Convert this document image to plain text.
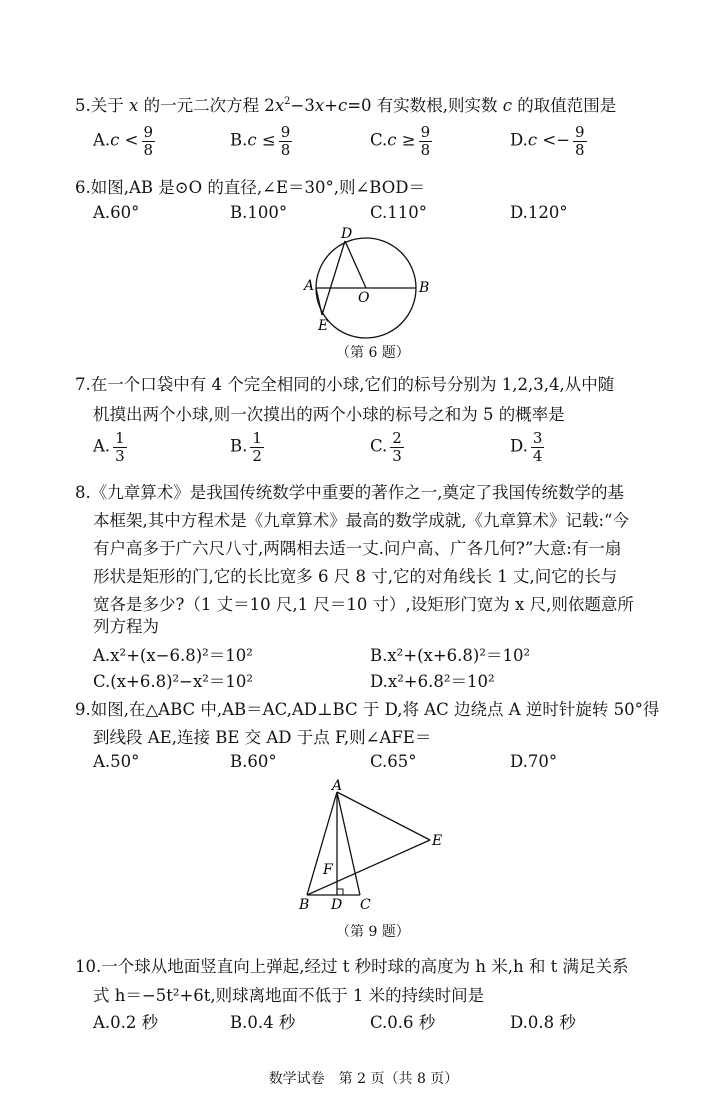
5.关于 x 的一元二次方程 $2x^2-3x+c=0$ 有实数根,则实数 c 的取值范围是
$A.c < \frac{9}{8}$	$B.c \le \frac{9}{8}$	$C.c \ge \frac{9}{8}$	$D.c <- \frac{9}{8}$
6.如图,AB 是⊙O 的直径,∠E＝30°,则∠BOD＝
A.60°	B.100°	C.110°	D.120°
D
A
O
B
E
（第 6 题）
7.在一个口袋中有 4 个完全相同的小球,它们的标号分别为 1,2,3,4,从中随
机摸出两个小球,则一次摸出的两个小球的标号之和为 5 的概率是
A. $\frac{1}{3}$	B. $\frac{1}{2}$	C. $\frac{2}{3}$	D. $\frac{3}{4}$
8.《九章算术》是我国传统数学中重要的著作之一,奠定了我国传统数学的基
本框架,其中方程术是《九章算术》最高的数学成就,《九章算术》记载:“今
有户高多于广六尺八寸,两隅相去适一丈.问户高、广各几何?”大意:有一扇
形状是矩形的门,它的长比宽多 6 尺 8 寸,它的对角线长 1 丈,问它的长与
宽各是多少?（1 丈＝10 尺,1 尺＝10 寸）,设矩形门宽为 x 尺,则依题意所
列方程为
A.x²+(x−6.8)²＝10²	B.x²+(x+6.8)²＝10²
C.(x+6.8)²−x²＝10²	D.x²+6.8²＝10²
9.如图,在△ABC 中,AB＝AC,AD⊥BC 于 D,将 AC 边绕点 A 逆时针旋转 50°得
到线段 AE,连接 BE 交 AD 于点 F,则∠AFE＝
A.50°	B.60°	C.65°	D.70°
A
E
F
B D C
（第 9 题）
10.一个球从地面竖直向上弹起,经过 t 秒时球的高度为 h 米,h 和 t 满足关系
式 h＝−5t²+6t,则球离地面不低于 1 米的持续时间是
A.0.2 秒	B.0.4 秒	C.0.6 秒	D.0.8 秒
数学试卷　第 2 页（共 8 页）
